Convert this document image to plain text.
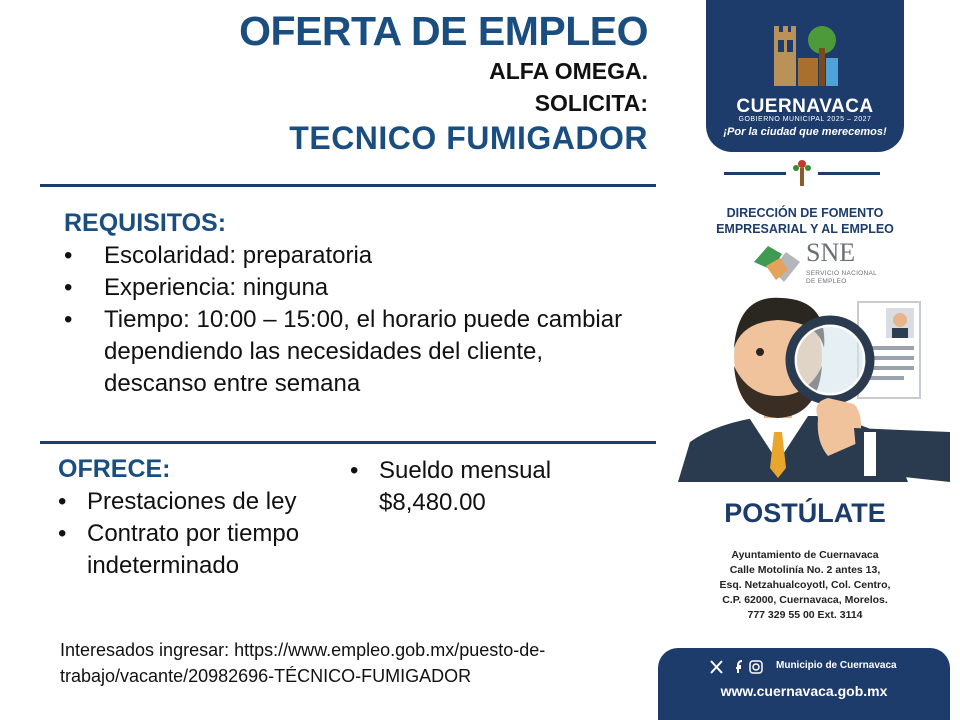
OFERTA DE EMPLEO
ALFA OMEGA.
SOLICITA:
TECNICO FUMIGADOR
REQUISITOS:
• Escolaridad: preparatoria
• Experiencia: ninguna
• Tiempo: 10:00 – 15:00, el horario puede cambiar dependiendo las necesidades del cliente, descanso entre semana
OFRECE:
• Prestaciones de ley
• Contrato por tiempo indeterminado
• Sueldo mensual $8,480.00
Interesados ingresar: https://www.empleo.gob.mx/puesto-de-trabajo/vacante/20982696-TÉCNICO-FUMIGADOR
CUERNAVACA
GOBIERNO MUNICIPAL 2025 – 2027
¡Por la ciudad que merecemos!
DIRECCIÓN DE FOMENTO
EMPRESARIAL Y AL EMPLEO
SNE
SERVICIO NACIONAL
DE EMPLEO
POSTÚLATE
Ayuntamiento de Cuernavaca
Calle Motolinía No. 2 antes 13,
Esq. Netzahualcoyotl, Col. Centro,
C.P. 62000, Cuernavaca, Morelos.
777 329 55 00 Ext. 3114
Municipio de Cuernavaca
www.cuernavaca.gob.mx
